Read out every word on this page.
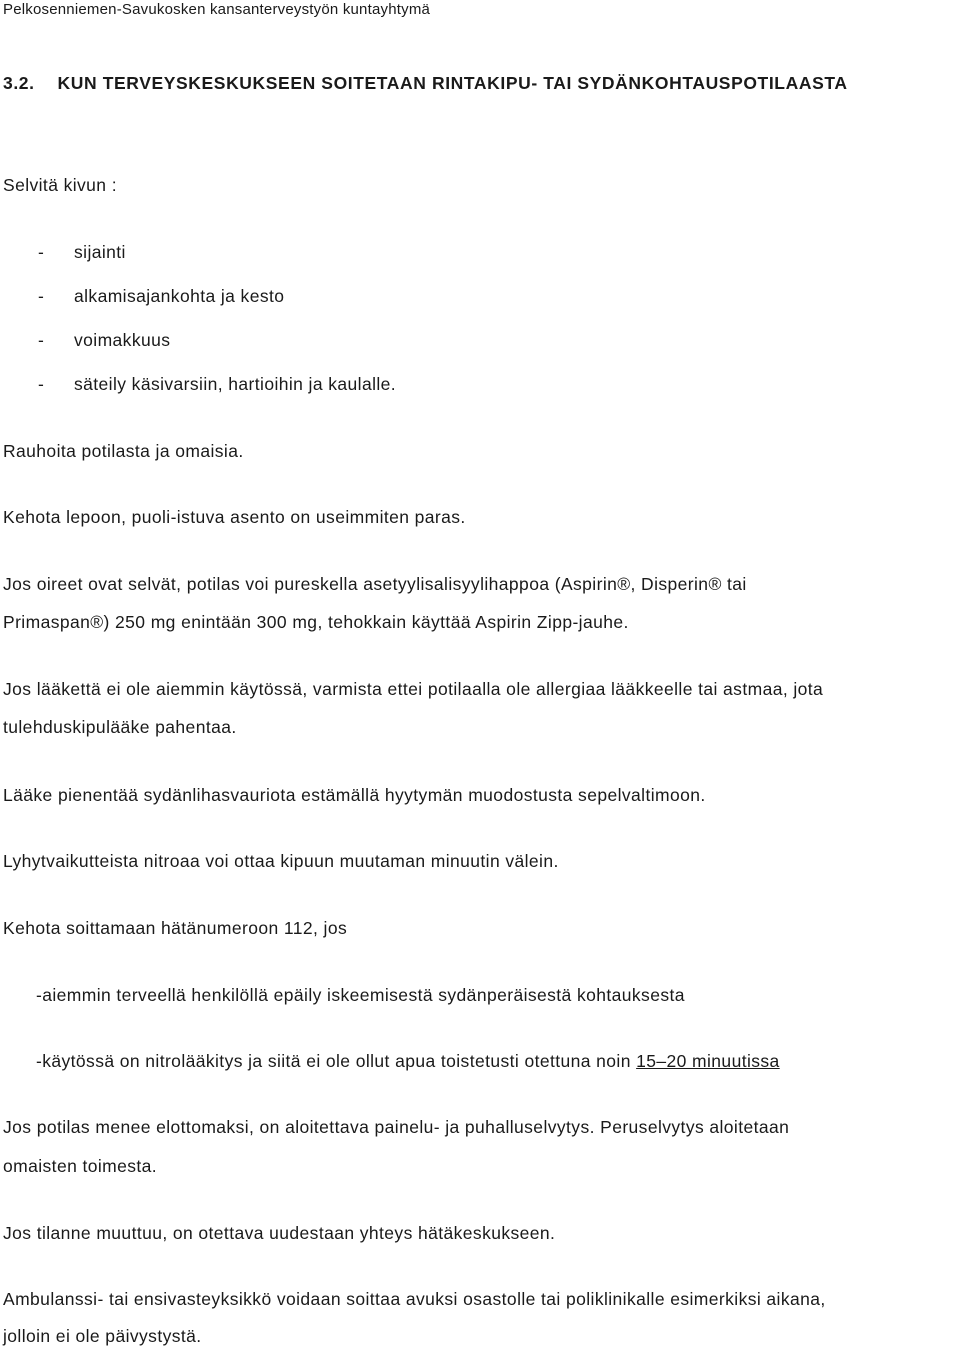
Pelkosenniemen-Savukosken kansanterveystyön kuntayhtymä
3.2. KUN TERVEYSKESKUKSEEN SOITETAAN RINTAKIPU- TAI SYDÄNKOHTAUSPOTILAASTA
Selvitä kivun :
- sijainti
- alkamisajankohta ja kesto
- voimakkuus
- säteily käsivarsiin, hartioihin ja kaulalle.
Rauhoita potilasta ja omaisia.
Kehota lepoon, puoli-istuva asento on useimmiten paras.
Jos oireet ovat selvät, potilas voi pureskella asetyylisalisyylihappoa (Aspirin®, Disperin® tai
Primaspan®) 250 mg enintään 300 mg, tehokkain käyttää Aspirin Zipp-jauhe.
Jos lääkettä ei ole aiemmin käytössä, varmista ettei potilaalla ole allergiaa lääkkeelle tai astmaa, jota
tulehduskipulääke pahentaa.
Lääke pienentää sydänlihasvauriota estämällä hyytymän muodostusta sepelvaltimoon.
Lyhytvaikutteista nitroaa voi ottaa kipuun muutaman minuutin välein.
Kehota soittamaan hätänumeroon 112, jos
-aiemmin terveellä henkilöllä epäily iskeemisestä sydänperäisestä kohtauksesta
-käytössä on nitrolääkitys ja siitä ei ole ollut apua toistetusti otettuna noin 15–20 minuutissa
Jos potilas menee elottomaksi, on aloitettava painelu- ja puhalluselvytys. Peruselvytys aloitetaan
omaisten toimesta.
Jos tilanne muuttuu, on otettava uudestaan yhteys hätäkeskukseen.
Ambulanssi- tai ensivasteyksikkö voidaan soittaa avuksi osastolle tai poliklinikalle esimerkiksi aikana,
jolloin ei ole päivystystä.
